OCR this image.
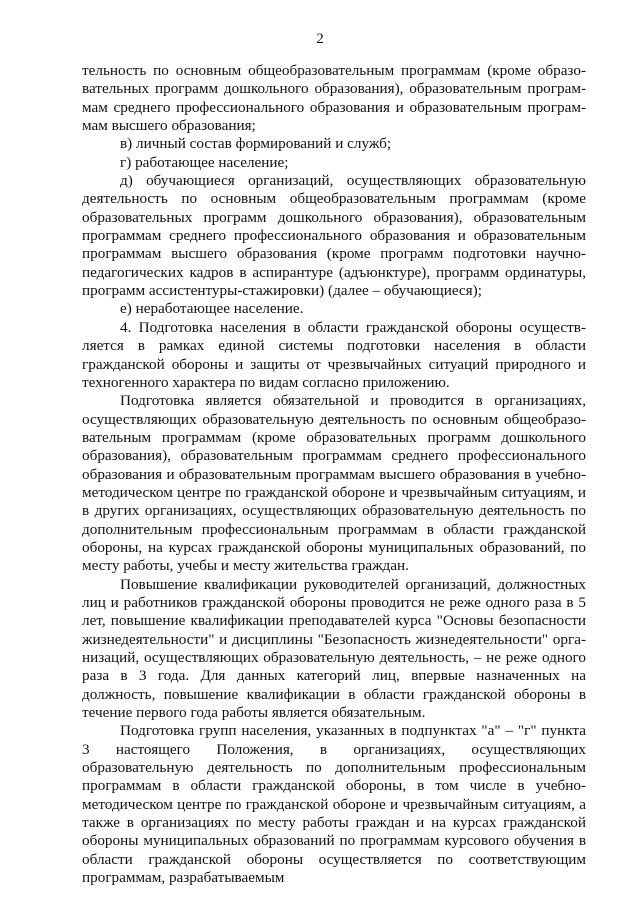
2

тельность по основным общеобразовательным программам (кроме образовательных программ дошкольного образования), образовательным программам среднего профессионального образования и образовательным программам высшего образования;

в) личный состав формирований и служб;

г) работающее население;

д) обучающиеся организаций, осуществляющих образовательную деятельность по основным общеобразовательным программам (кроме образовательных программ дошкольного образования), образовательным программам среднего профессионального образования и образовательным программам высшего образования (кроме программ подготовки научно-педагогических кадров в аспирантуре (адъюнктуре), программ ординатуры, программ ассистентуры-стажировки) (далее – обучающиеся);

е) неработающее население.

4. Подготовка населения в области гражданской обороны осуществляется в рамках единой системы подготовки населения в области гражданской обороны и защиты от чрезвычайных ситуаций природного и техногенного характера по видам согласно приложению.

Подготовка является обязательной и проводится в организациях, осуществляющих образовательную деятельность по основным общеобразовательным программам (кроме образовательных программ дошкольного образования), образовательным программам среднего профессионального образования и образовательным программам высшего образования в учебно-методическом центре по гражданской обороне и чрезвычайным ситуациям, и в других организациях, осуществляющих образовательную деятельность по дополнительным профессиональным программам в области гражданской обороны, на курсах гражданской обороны муниципальных образований, по месту работы, учебы и месту жительства граждан.

Повышение квалификации руководителей организаций, должностных лиц и работников гражданской обороны проводится не реже одного раза в 5 лет, повышение квалификации преподавателей курса "Основы безопасности жизнедеятельности" и дисциплины "Безопасность жизнедеятельности" организаций, осуществляющих образовательную деятельность, – не реже одного раза в 3 года. Для данных категорий лиц, впервые назначенных на должность, повышение квалификации в области гражданской обороны в течение первого года работы является обязательным.

Подготовка групп населения, указанных в подпунктах "а" – "г" пункта 3 настоящего Положения, в организациях, осуществляющих образовательную деятельность по дополнительным профессиональным программам в области гражданской обороны, в том числе в учебно-методическом центре по гражданской обороне и чрезвычайным ситуациям, а также в организациях по месту работы граждан и на курсах гражданской обороны муниципальных образований по программам курсового обучения в области гражданской обороны осуществляется по соответствующим программам, разрабатываемым
